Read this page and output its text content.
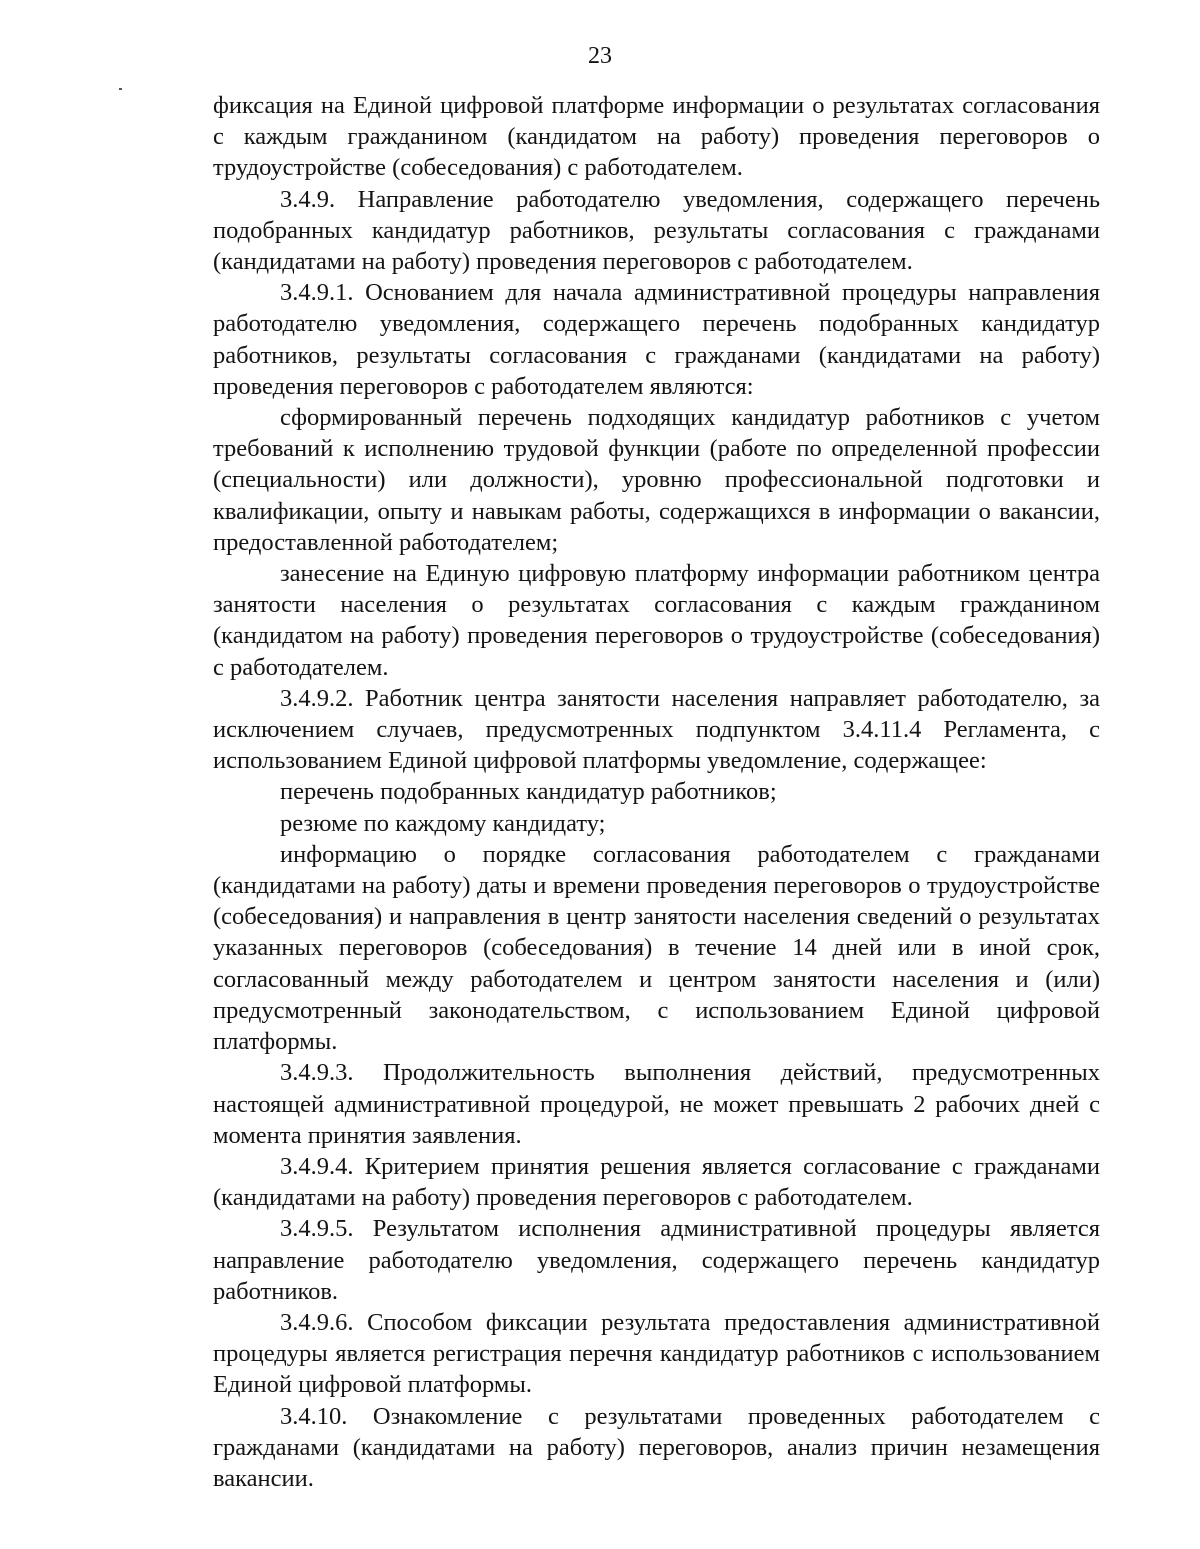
23

фиксация на Единой цифровой платформе информации о результатах согласования с каждым гражданином (кандидатом на работу) проведения переговоров о трудоустройстве (собеседования) с работодателем.

3.4.9. Направление работодателю уведомления, содержащего перечень подобранных кандидатур работников, результаты согласования с гражданами (кандидатами на работу) проведения переговоров с работодателем.

3.4.9.1. Основанием для начала административной процедуры направления работодателю уведомления, содержащего перечень подобранных кандидатур работников, результаты согласования с гражданами (кандидатами на работу) проведения переговоров с работодателем являются:

сформированный перечень подходящих кандидатур работников с учетом требований к исполнению трудовой функции (работе по определенной профессии (специальности) или должности), уровню профессиональной подготовки и квалификации, опыту и навыкам работы, содержащихся в информации о вакансии, предоставленной работодателем;

занесение на Единую цифровую платформу информации работником центра занятости населения о результатах согласования с каждым гражданином (кандидатом на работу) проведения переговоров о трудоустройстве (собеседования) с работодателем.

3.4.9.2. Работник центра занятости населения направляет работодателю, за исключением случаев, предусмотренных подпунктом 3.4.11.4 Регламента, с использованием Единой цифровой платформы уведомление, содержащее:

перечень подобранных кандидатур работников;

резюме по каждому кандидату;

информацию о порядке согласования работодателем с гражданами (кандидатами на работу) даты и времени проведения переговоров о трудоустройстве (собеседования) и направления в центр занятости населения сведений о результатах указанных переговоров (собеседования) в течение 14 дней или в иной срок, согласованный между работодателем и центром занятости населения и (или) предусмотренный законодательством, с использованием Единой цифровой платформы.

3.4.9.3. Продолжительность выполнения действий, предусмотренных настоящей административной процедурой, не может превышать 2 рабочих дней с момента принятия заявления.

3.4.9.4. Критерием принятия решения является согласование с гражданами (кандидатами на работу) проведения переговоров с работодателем.

3.4.9.5. Результатом исполнения административной процедуры является направление работодателю уведомления, содержащего перечень кандидатур работников.

3.4.9.6. Способом фиксации результата предоставления административной процедуры является регистрация перечня кандидатур работников с использованием Единой цифровой платформы.

3.4.10. Ознакомление с результатами проведенных работодателем с гражданами (кандидатами на работу) переговоров, анализ причин незамещения вакансии.
